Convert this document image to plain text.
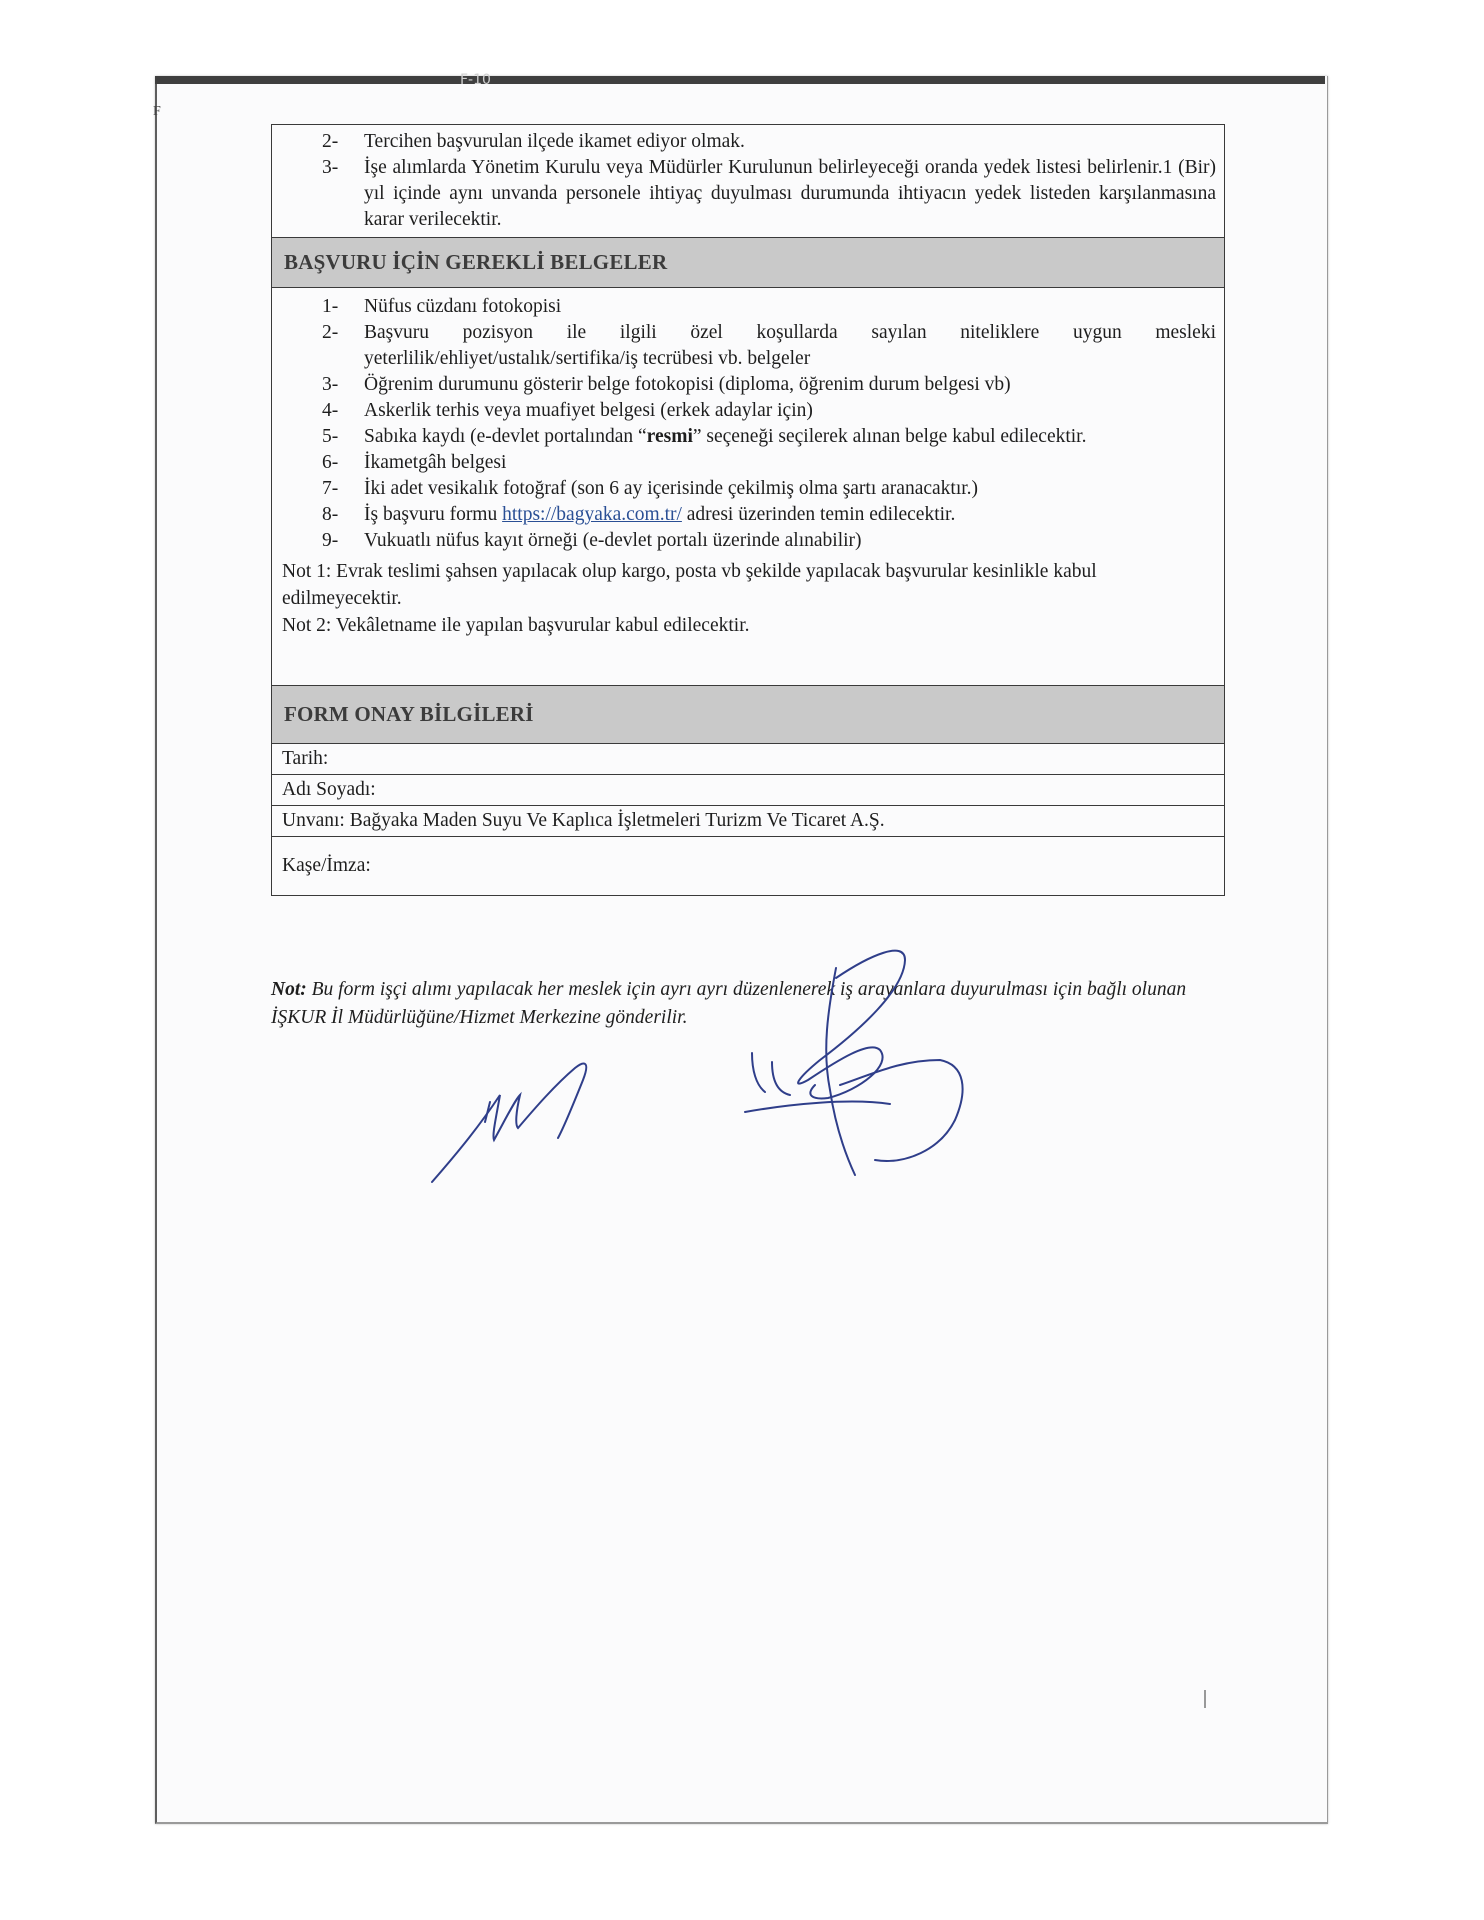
F-10
F
2-	Tercihen başvurulan ilçede ikamet ediyor olmak.
3-	İşe alımlarda Yönetim Kurulu veya Müdürler Kurulunun belirleyeceği oranda yedek listesi belirlenir.1 (Bir) yıl içinde aynı unvanda personele ihtiyaç duyulması durumunda ihtiyacın yedek listeden karşılanmasına karar verilecektir.
BAŞVURU İÇİN GEREKLİ BELGELER
1-	Nüfus cüzdanı fotokopisi
2-	Başvuru pozisyon ile ilgili özel koşullarda sayılan niteliklere uygun mesleki yeterlilik/ehliyet/ustalık/sertifika/iş tecrübesi vb. belgeler
3-	Öğrenim durumunu gösterir belge fotokopisi (diploma, öğrenim durum belgesi vb)
4-	Askerlik terhis veya muafiyet belgesi (erkek adaylar için)
5-	Sabıka kaydı (e-devlet portalından “resmi” seçeneği seçilerek alınan belge kabul edilecektir.
6-	İkametgâh belgesi
7-	İki adet vesikalık fotoğraf (son 6 ay içerisinde çekilmiş olma şartı aranacaktır.)
8-	İş başvuru formu https://bagyaka.com.tr/ adresi üzerinden temin edilecektir.
9-	Vukuatlı nüfus kayıt örneği (e-devlet portalı üzerinde alınabilir)
Not 1: Evrak teslimi şahsen yapılacak olup kargo, posta vb şekilde yapılacak başvurular kesinlikle kabul edilmeyecektir.
Not 2: Vekâletname ile yapılan başvurular kabul edilecektir.
FORM ONAY BİLGİLERİ
Tarih:
Adı Soyadı:
Unvanı: Bağyaka Maden Suyu Ve Kaplıca İşletmeleri Turizm Ve Ticaret A.Ş.
Kaşe/İmza:
Not: Bu form işçi alımı yapılacak her meslek için ayrı ayrı düzenlenerek iş arayanlara duyurulması için bağlı olunan İŞKUR İl Müdürlüğüne/Hizmet Merkezine gönderilir.
